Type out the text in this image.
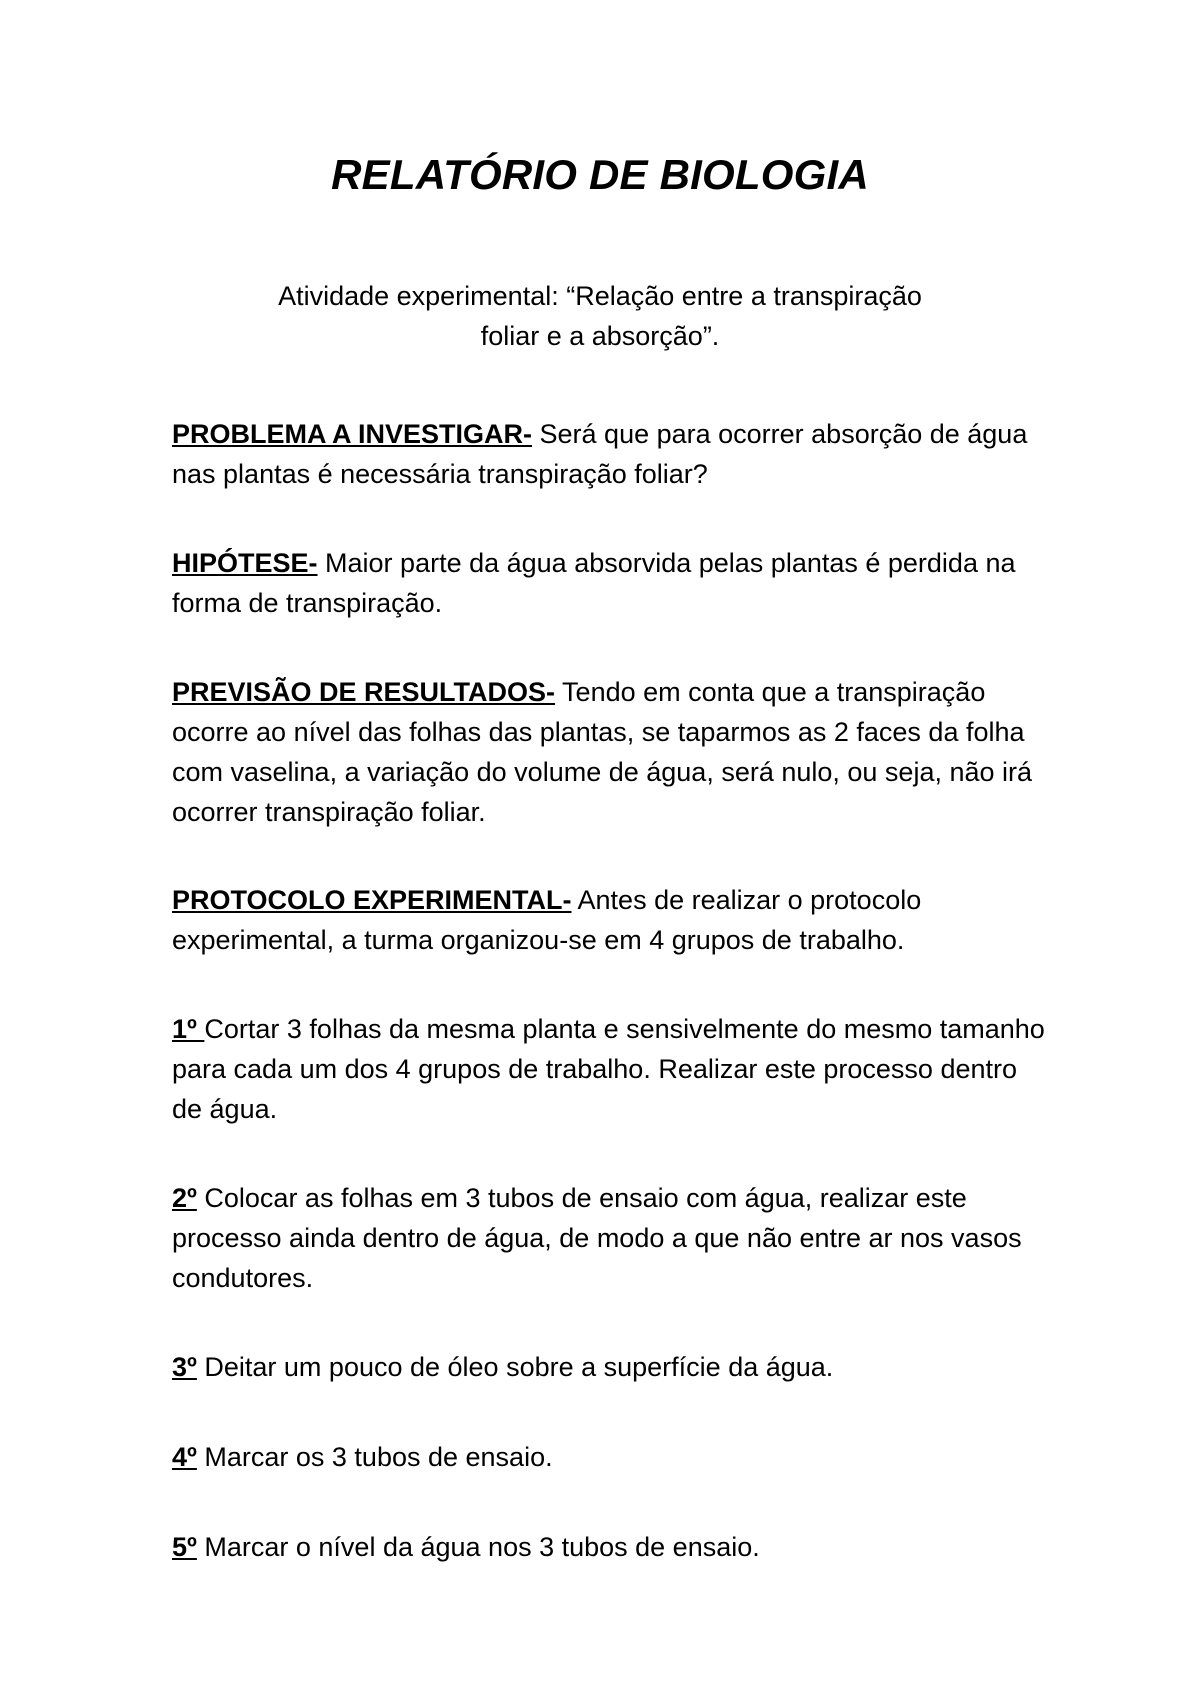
RELATÓRIO DE BIOLOGIA

Atividade experimental: “Relação entre a transpiração
foliar e a absorção”.

PROBLEMA A INVESTIGAR- Será que para ocorrer absorção de água nas plantas é necessária transpiração foliar?

HIPÓTESE- Maior parte da água absorvida pelas plantas é perdida na forma de transpiração.

PREVISÃO DE RESULTADOS- Tendo em conta que a transpiração ocorre ao nível das folhas das plantas, se taparmos as 2 faces da folha com vaselina, a variação do volume de água, será nulo, ou seja, não irá ocorrer transpiração foliar.

PROTOCOLO EXPERIMENTAL- Antes de realizar o protocolo experimental, a turma organizou-se em 4 grupos de trabalho.

1º Cortar 3 folhas da mesma planta e sensivelmente do mesmo tamanho para cada um dos 4 grupos de trabalho. Realizar este processo dentro de água.

2º Colocar as folhas em 3 tubos de ensaio com água, realizar este processo ainda dentro de água, de modo a que não entre ar nos vasos condutores.

3º Deitar um pouco de óleo sobre a superfície da água.

4º Marcar os 3 tubos de ensaio.

5º Marcar o nível da água nos 3 tubos de ensaio.
